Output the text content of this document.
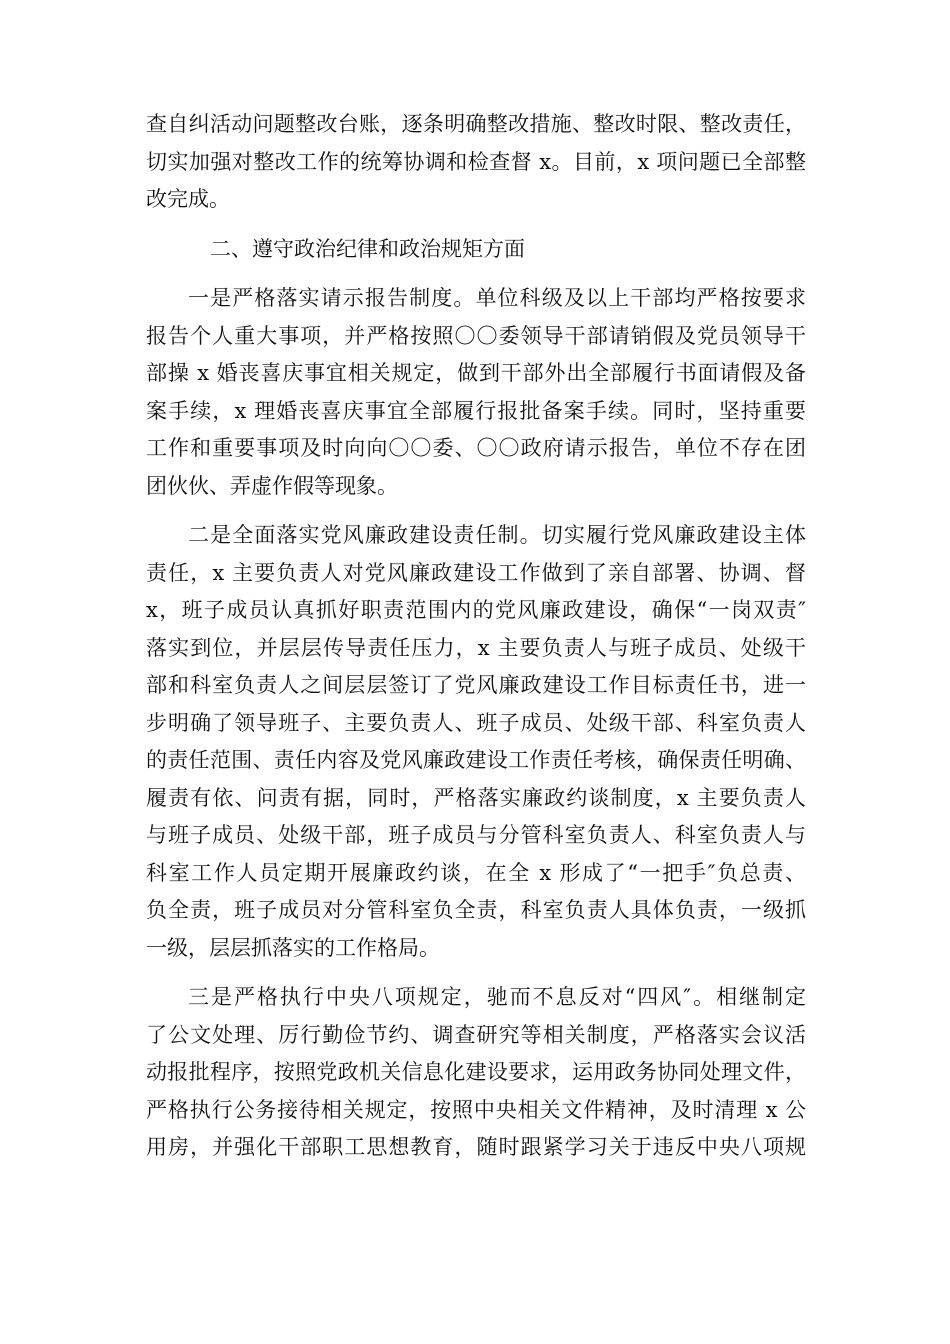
查自纠活动问题整改台账，逐条明确整改措施、整改时限、整改责任，
切实加强对整改工作的统筹协调和检查督 x。目前，x 项问题已全部整
改完成。
二、遵守政治纪律和政治规矩方面
一是严格落实请示报告制度。单位科级及以上干部均严格按要求
报告个人重大事项，并严格按照〇〇委领导干部请销假及党员领导干
部操 x 婚丧喜庆事宜相关规定，做到干部外出全部履行书面请假及备
案手续，x 理婚丧喜庆事宜全部履行报批备案手续。同时，坚持重要
工作和重要事项及时向向〇〇委、〇〇政府请示报告，单位不存在团
团伙伙、弄虚作假等现象。
二是全面落实党风廉政建设责任制。切实履行党风廉政建设主体
责任，x 主要负责人对党风廉政建设工作做到了亲自部署、协调、督
x，班子成员认真抓好职责范围内的党风廉政建设，确保“一岗双责″
落实到位，并层层传导责任压力，x 主要负责人与班子成员、处级干
部和科室负责人之间层层签订了党风廉政建设工作目标责任书，进一
步明确了领导班子、主要负责人、班子成员、处级干部、科室负责人
的责任范围、责任内容及党风廉政建设工作责任考核，确保责任明确、
履责有依、问责有据，同时，严格落实廉政约谈制度，x 主要负责人
与班子成员、处级干部，班子成员与分管科室负责人、科室负责人与
科室工作人员定期开展廉政约谈，在全 x 形成了“一把手″负总责、
负全责，班子成员对分管科室负全责，科室负责人具体负责，一级抓
一级，层层抓落实的工作格局。
三是严格执行中央八项规定，驰而不息反对“四风″。相继制定
了公文处理、厉行勤俭节约、调查研究等相关制度，严格落实会议活
动报批程序，按照党政机关信息化建设要求，运用政务协同处理文件，
严格执行公务接待相关规定，按照中央相关文件精神，及时清理 x 公
用房，并强化干部职工思想教育，随时跟紧学习关于违反中央八项规
